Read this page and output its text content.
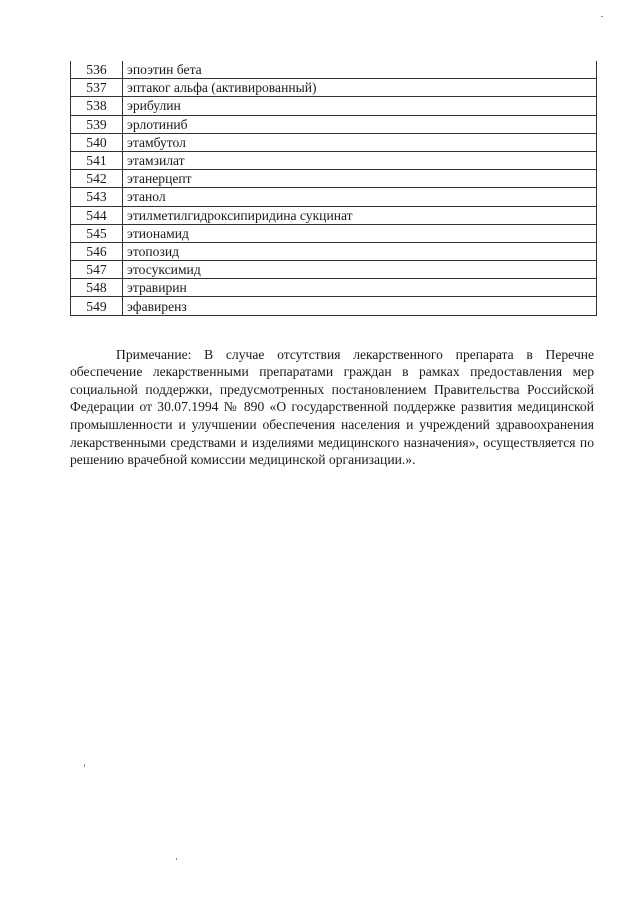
536	эпоэтин бета
537	эптаког альфа (активированный)
538	эрибулин
539	эрлотиниб
540	этамбутол
541	этамзилат
542	этанерцепт
543	этанол
544	этилметилгидроксипиридина сукцинат
545	этионамид
546	этопозид
547	этосуксимид
548	этравирин
549	эфавиренз

Примечание: В случае отсутствия лекарственного препарата в Перечне обеспечение лекарственными препаратами граждан в рамках предоставления мер социальной поддержки, предусмотренных постановлением Правительства Российской Федерации от 30.07.1994 № 890 «О государственной поддержке развития медицинской промышленности и улучшении обеспечения населения и учреждений здравоохранения лекарственными средствами и изделиями медицинского назначения», осуществляется по решению врачебной комиссии медицинской организации.».
